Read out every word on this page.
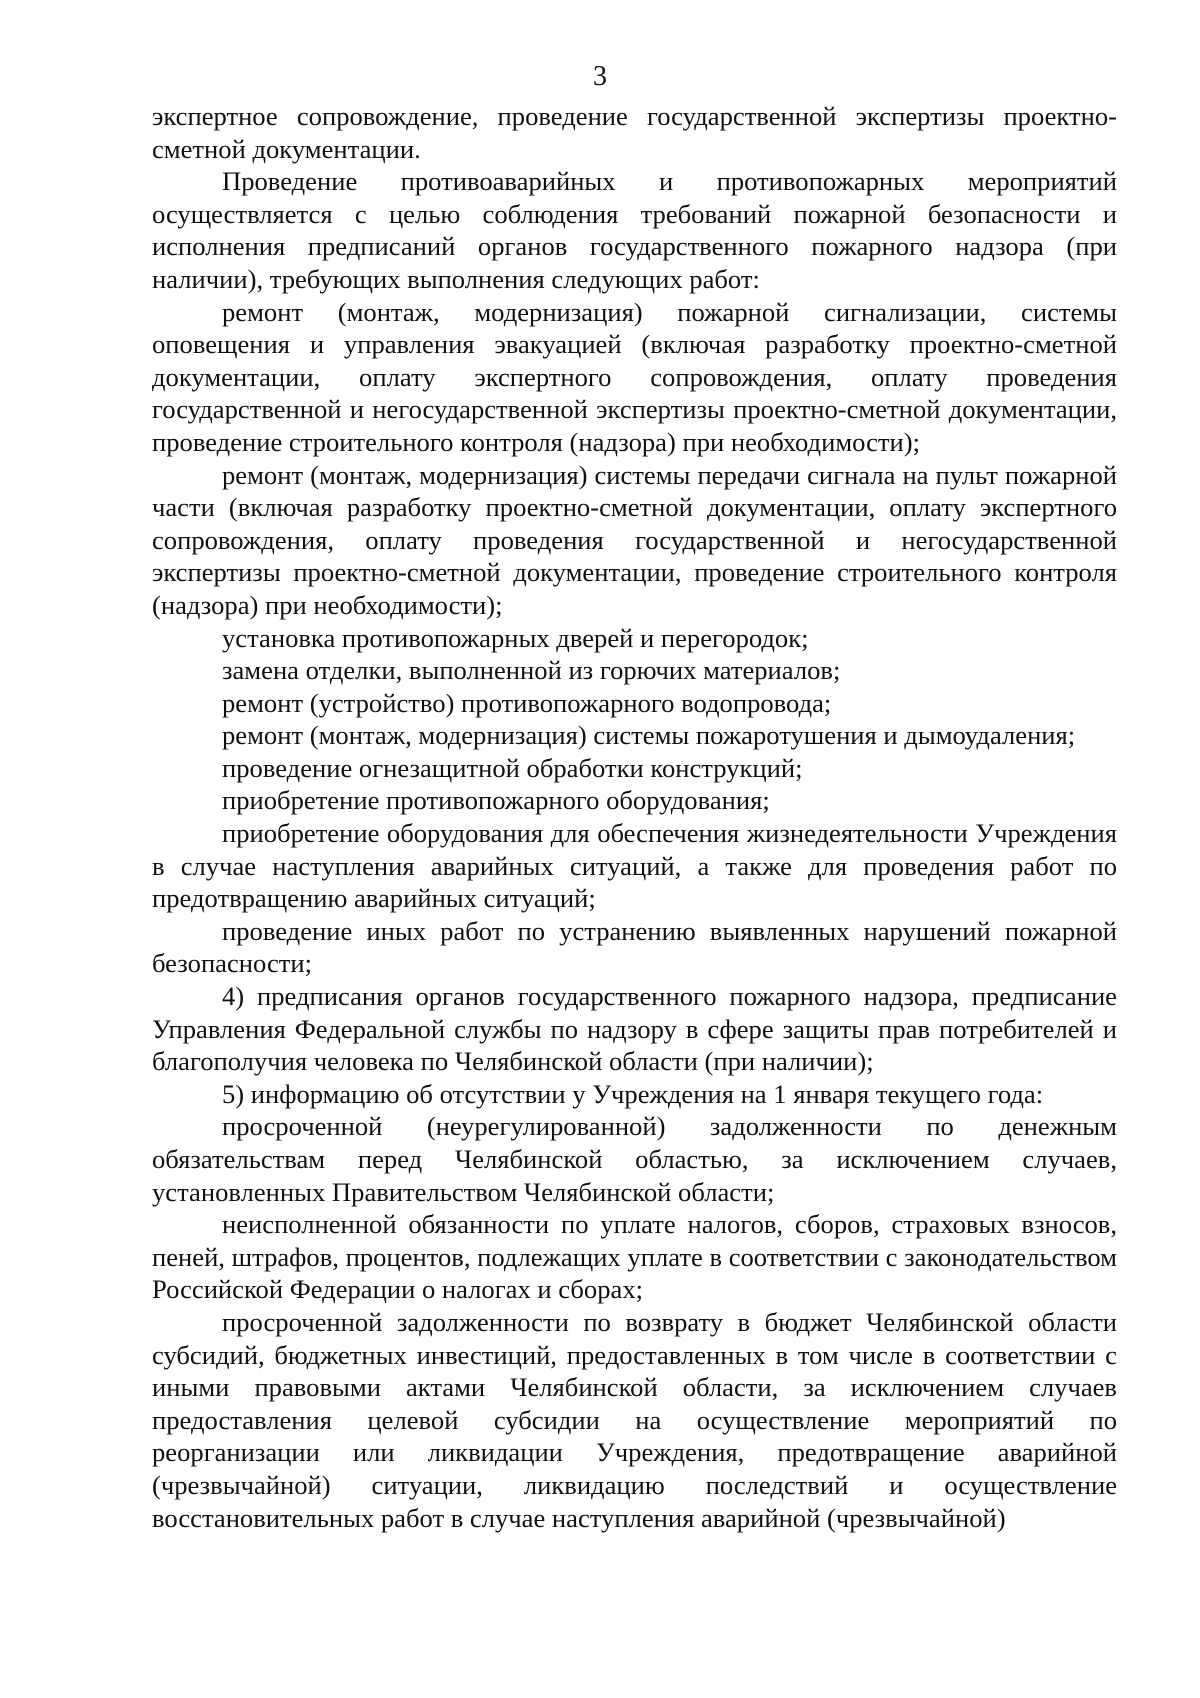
3

экспертное сопровождение, проведение государственной экспертизы проектно-сметной документации.

Проведение противоаварийных и противопожарных мероприятий осуществляется с целью соблюдения требований пожарной безопасности и исполнения предписаний органов государственного пожарного надзора (при наличии), требующих выполнения следующих работ:

ремонт (монтаж, модернизация) пожарной сигнализации, системы оповещения и управления эвакуацией (включая разработку проектно-сметной документации, оплату экспертного сопровождения, оплату проведения государственной и негосударственной экспертизы проектно-сметной документации, проведение строительного контроля (надзора) при необходимости);

ремонт (монтаж, модернизация) системы передачи сигнала на пульт пожарной части (включая разработку проектно-сметной документации, оплату экспертного сопровождения, оплату проведения государственной и негосударственной экспертизы проектно-сметной документации, проведение строительного контроля (надзора) при необходимости);

установка противопожарных дверей и перегородок;

замена отделки, выполненной из горючих материалов;

ремонт (устройство) противопожарного водопровода;

ремонт (монтаж, модернизация) системы пожаротушения и дымоудаления;

проведение огнезащитной обработки конструкций;

приобретение противопожарного оборудования;

приобретение оборудования для обеспечения жизнедеятельности Учреждения в случае наступления аварийных ситуаций, а также для проведения работ по предотвращению аварийных ситуаций;

проведение иных работ по устранению выявленных нарушений пожарной безопасности;

4) предписания органов государственного пожарного надзора, предписание Управления Федеральной службы по надзору в сфере защиты прав потребителей и благополучия человека по Челябинской области (при наличии);

5) информацию об отсутствии у Учреждения на 1 января текущего года:

просроченной (неурегулированной) задолженности по денежным обязательствам перед Челябинской областью, за исключением случаев, установленных Правительством Челябинской области;

неисполненной обязанности по уплате налогов, сборов, страховых взносов, пеней, штрафов, процентов, подлежащих уплате в соответствии с законодательством Российской Федерации о налогах и сборах;

просроченной задолженности по возврату в бюджет Челябинской области субсидий, бюджетных инвестиций, предоставленных в том числе в соответствии с иными правовыми актами Челябинской области, за исключением случаев предоставления целевой субсидии на осуществление мероприятий по реорганизации или ликвидации Учреждения, предотвращение аварийной (чрезвычайной) ситуации, ликвидацию последствий и осуществление восстановительных работ в случае наступления аварийной (чрезвычайной)
